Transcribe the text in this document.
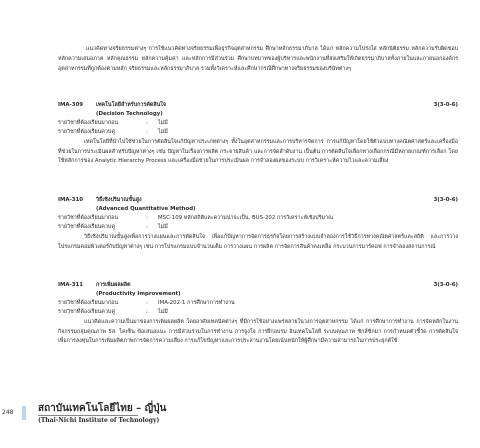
แนวคิดทางจริยธรรมต่างๆ การใช้แนวคิดทางจริยธรรมเพื่อธุรกิจอุตสาหกรรม ศึกษาหลักธรรมาภิบาล ได้แก่ หลักความโปร่งใส หลักนิติธรรม หลักความรับผิดชอบ หลักความเสมอภาค หลักคุณธรรม หลักความคุ้มค่า และหลักการมีส่วนร่วม ศึกษาบทบาทของผู้บริหารและพนักงานที่ส่งเสริมให้เกิดธรรมาภิบาลทั้งภายในและภายนอกองค์กรอุตสาหกรรมที่ถูกต้องตามหลัก จริยธรรมและหลักธรรมาภิบาล รวมทั้งวิเคราะห์และศึกษากรณีศึกษาทางจริยธรรมของบริษัทต่างๆ
IMA-309 เทคโนโลยีสำหรับการตัดสินใจ	3(3-0-6)
(Decision Technology)
รายวิชาที่ต้องเรียนมาก่อน	: ไม่มี
รายวิชาที่ต้องเรียนควบคู่	: ไม่มี
เทคโนโลยีที่นำไปใช้ช่วยในการตัดสินใจแก้ปัญหาประเภทต่างๆ ทั้งในอุตสาหกรรมและการบริหารจัดการ การแก้ปัญหาโดยใช้ตัวแบบทางคณิตศาสตร์และเครื่องมือที่ช่วยในการประเมินผลสำหรับปัญหาต่างๆ เช่น ปัญหาในเรื่องการผลิต กระจายสินค้า และการจัดลำดับงาน เป็นต้น การตัดสินใจเลือกทางเลือกกรณีมีหลายเกณฑ์การเลือก โดยใช้หลักการของ Analytic Hierarchy Process และเครื่องมือช่วยในการประเมินผล การจำลองผลของระบบ การวิเคราะห์ความไวและความเสี่ยง
IMA-310 วิธีเชิงปริมาณขั้นสูง	3(3-0-6)
(Advanced Quantitative Method)
รายวิชาที่ต้องเรียนมาก่อน	: MSC-109 หลักสถิติและความน่าจะเป็น, BUS-202 การวิเคราะห์เชิงปริมาณ
รายวิชาที่ต้องเรียนควบคู่	: ไม่มี
วิธีเชิงปริมาณขั้นสูงเพื่อการวางแผนและการตัดสินใจ เพื่อแก้ปัญหาการจัดการธุรกิจโดยการสร้างแบบจำลองการใช้วิธีการทางคณิตศาสตร์และสถิติ และการวางโปรแกรมคอมพิวเตอร์กับปัญหาต่างๆ เช่น การโปรแกรมแบบจำนวนเต็ม การวางแผน การผลิต การจัดการสินค้าคงเหลือ กระบวนการมาร์คอฟ การจำลองสถานการณ์
IMA-311 การเพิ่มผลผลิต	3(3-0-6)
(Productivity Improvement)
รายวิชาที่ต้องเรียนมาก่อน	: IMA-202-1 การศึกษาการทำงาน
รายวิชาที่ต้องเรียนควบคู่	: ไม่มี
แนวคิดและความเป็นมาของการเพิ่มผลผลิต โดยอาศัยเทคนิคต่างๆ ที่มีการใช้อย่างแพร่หลายในวงการอุตสาหกรรม ได้แก่ การศึกษาการทำงาน การจัดหลักในงาน กิจกรรมกลุ่มคุณภาพ 5ส. ไคเซ็น ข้อเสนอแนะ การมีส่วนร่วมในการทำงาน การจูงใจ การฝึกอบรม อินเทคโนโลยี ระบบคุณภาพ ซิกส์ซิกมา การกำหนดตัวชี้วัด การตัดสินใจเพื่อการลงทุนในการเพิ่มผลิตภาพการจัดการความเสี่ยง การแก้ไขปัญหาและการประสานงานโดยเน้นหนักให้ผู้ศึกษามีความสามารถในการประยุกต์ใช้
248 สถาบันเทคโนโลยีไทย – ญี่ปุ่น
(Thai-Nichi Institute of Technology)
